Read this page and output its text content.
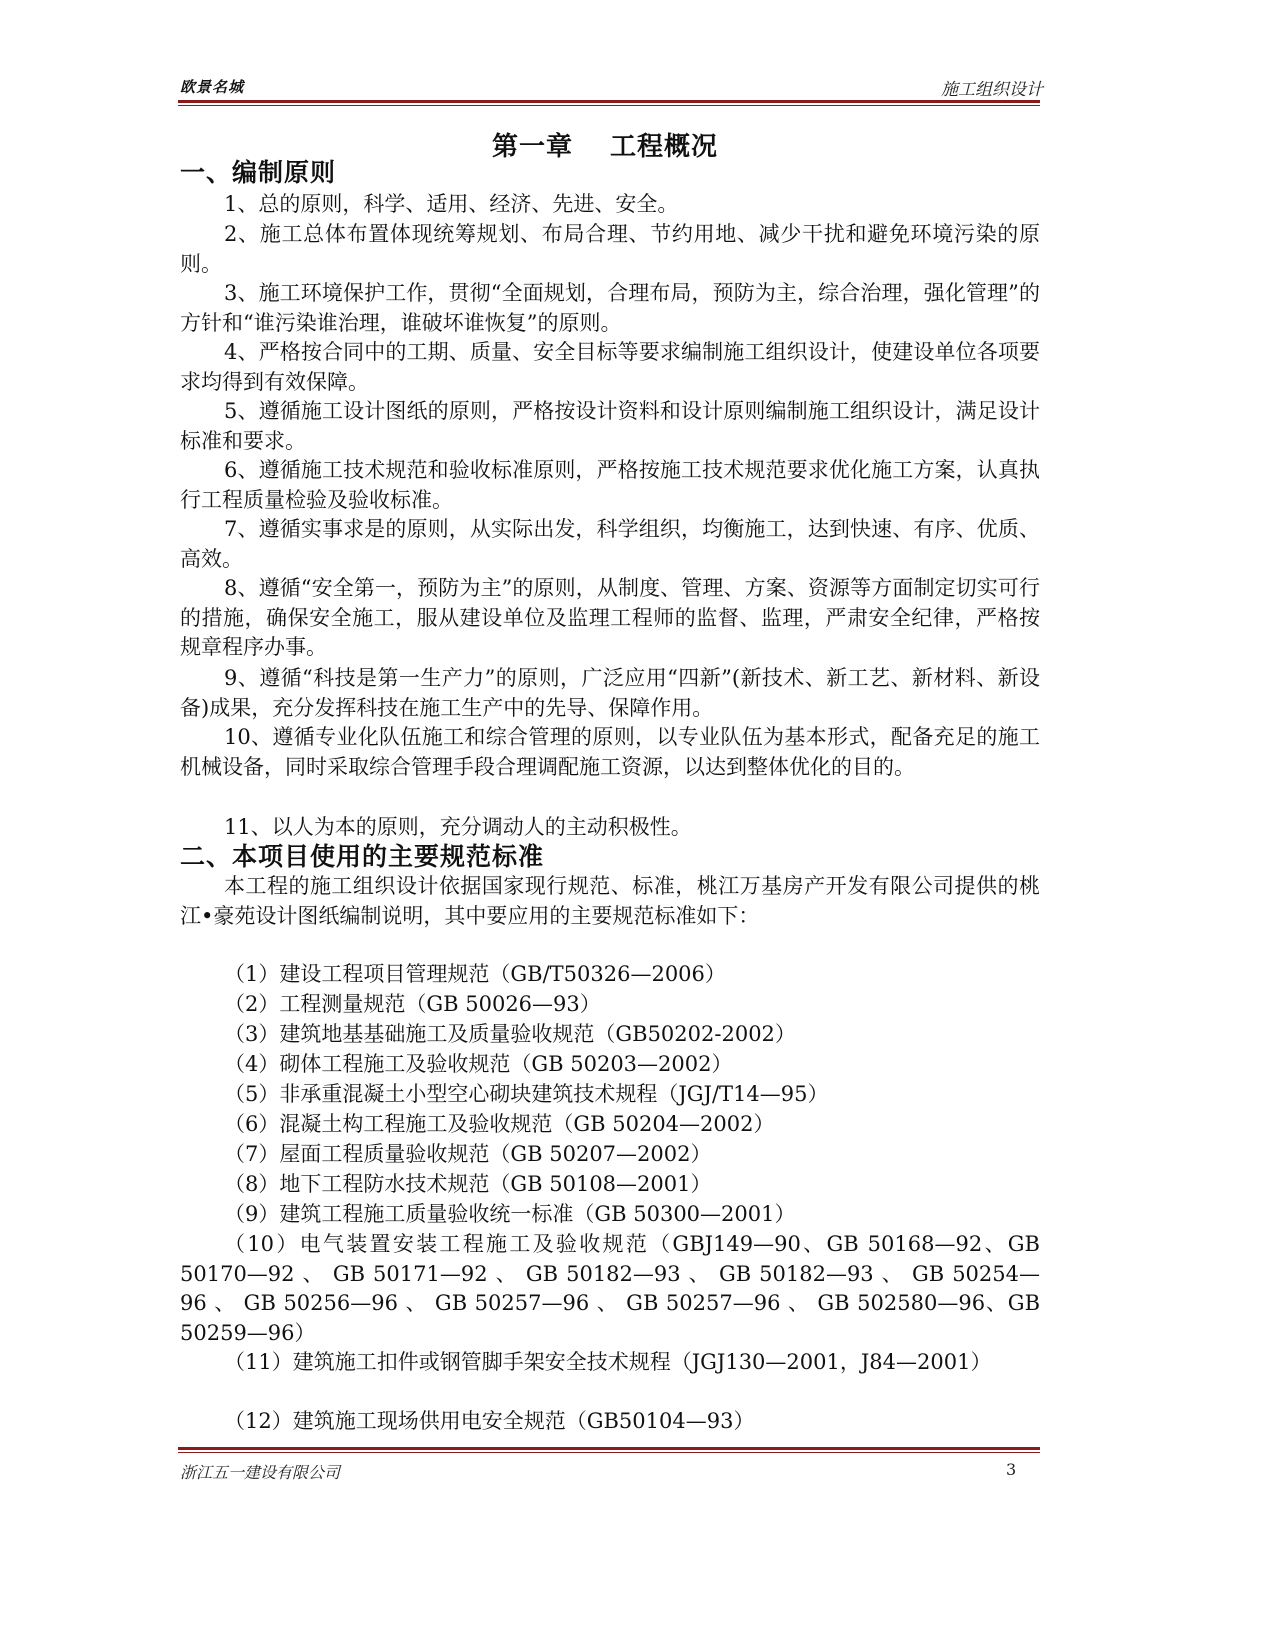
欧景名城	施工组织设计
第一章　 工程概况
一、编制原则

1、总的原则，科学、适用、经济、先进、安全。

2、施工总体布置体现统筹规划、布局合理、节约用地、减少干扰和避免环境污染的原则。

3、施工环境保护工作，贯彻“全面规划，合理布局，预防为主，综合治理，强化管理”的方针和“谁污染谁治理，谁破坏谁恢复”的原则。

4、严格按合同中的工期、质量、安全目标等要求编制施工组织设计，使建设单位各项要求均得到有效保障。

5、遵循施工设计图纸的原则，严格按设计资料和设计原则编制施工组织设计，满足设计标准和要求。

6、遵循施工技术规范和验收标准原则，严格按施工技术规范要求优化施工方案，认真执行工程质量检验及验收标准。

7、遵循实事求是的原则，从实际出发，科学组织，均衡施工，达到快速、有序、优质、高效。

8、遵循“安全第一，预防为主”的原则，从制度、管理、方案、资源等方面制定切实可行的措施，确保安全施工，服从建设单位及监理工程师的监督、监理，严肃安全纪律，严格按规章程序办事。

9、遵循“科技是第一生产力”的原则，广泛应用“四新”(新技术、新工艺、新材料、新设备)成果，充分发挥科技在施工生产中的先导、保障作用。

10、遵循专业化队伍施工和综合管理的原则，以专业队伍为基本形式，配备充足的施工机械设备，同时采取综合管理手段合理调配施工资源，以达到整体优化的目的。

11、以人为本的原则，充分调动人的主动积极性。

二、本项目使用的主要规范标准

本工程的施工组织设计依据国家现行规范、标准，桃江万基房产开发有限公司提供的桃江•豪苑设计图纸编制说明，其中要应用的主要规范标准如下：

（1）建设工程项目管理规范（GB/T50326—2006）

（2）工程测量规范（GB 50026—93）

（3）建筑地基基础施工及质量验收规范（GB50202-2002）

（4）砌体工程施工及验收规范（GB 50203—2002）

（5）非承重混凝土小型空心砌块建筑技术规程（JGJ/T14—95）

（6）混凝土构工程施工及验收规范（GB 50204—2002）

（7）屋面工程质量验收规范（GB 50207—2002）

（8）地下工程防水技术规范（GB 50108—2001）

（9）建筑工程施工质量验收统一标准（GB 50300—2001）

（10）电气装置安装工程施工及验收规范（GBJ149—90、GB 50168—92、GB 50170—92 、 GB 50171—92 、 GB 50182—93 、 GB 50182—93 、 GB 50254—96 、 GB 50256—96 、 GB 50257—96 、 GB 50257—96 、 GB 502580—96、GB 50259—96）

（11）建筑施工扣件或钢管脚手架安全技术规程（JGJ130—2001，J84—2001）

（12）建筑施工现场供用电安全规范（GB50104—93）

浙江五一建设有限公司	3
